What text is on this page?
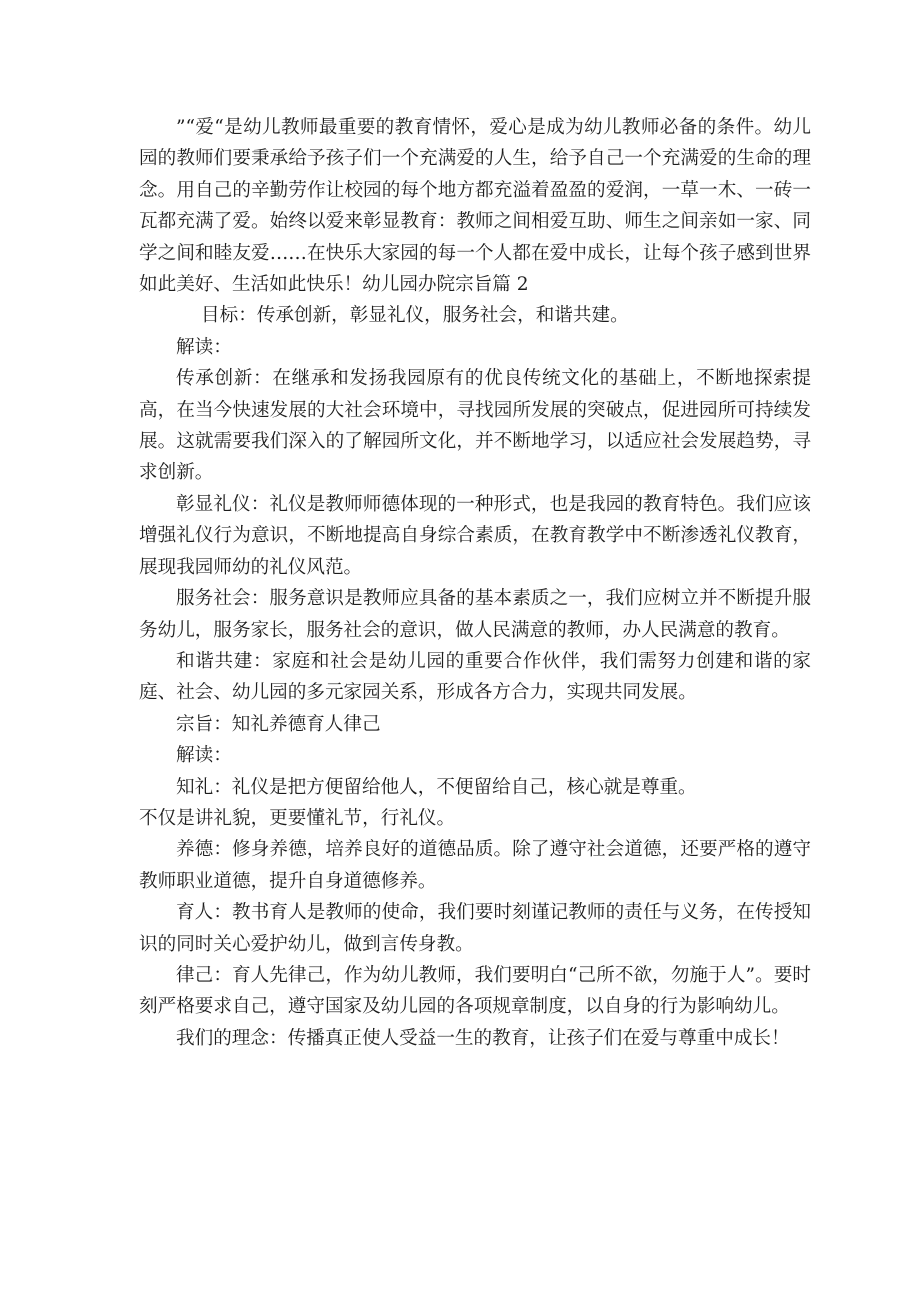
”“爱“是幼儿教师最重要的教育情怀，爱心是成为幼儿教师必备的条件。幼儿园的教师们要秉承给予孩子们一个充满爱的人生，给予自己一个充满爱的生命的理念。用自己的辛勤劳作让校园的每个地方都充溢着盈盈的爱润，一草一木、一砖一瓦都充满了爱。始终以爱来彰显教育：教师之间相爱互助、师生之间亲如一家、同学之间和睦友爱……在快乐大家园的每一个人都在爱中成长，让每个孩子感到世界如此美好、生活如此快乐！幼儿园办院宗旨篇 2

目标：传承创新，彰显礼仪，服务社会，和谐共建。

解读：

传承创新：在继承和发扬我园原有的优良传统文化的基础上，不断地探索提高，在当今快速发展的大社会环境中，寻找园所发展的突破点，促进园所可持续发展。这就需要我们深入的了解园所文化，并不断地学习，以适应社会发展趋势，寻求创新。

彰显礼仪：礼仪是教师师德体现的一种形式，也是我园的教育特色。我们应该增强礼仪行为意识，不断地提高自身综合素质，在教育教学中不断渗透礼仪教育，展现我园师幼的礼仪风范。

服务社会：服务意识是教师应具备的基本素质之一，我们应树立并不断提升服务幼儿，服务家长，服务社会的意识，做人民满意的教师，办人民满意的教育。

和谐共建：家庭和社会是幼儿园的重要合作伙伴，我们需努力创建和谐的家庭、社会、幼儿园的多元家园关系，形成各方合力，实现共同发展。

宗旨：知礼养德育人律己

解读：

知礼：礼仪是把方便留给他人，不便留给自己，核心就是尊重。

不仅是讲礼貌，更要懂礼节，行礼仪。

养德：修身养德，培养良好的道德品质。除了遵守社会道德，还要严格的遵守教师职业道德，提升自身道德修养。

育人：教书育人是教师的使命，我们要时刻谨记教师的责任与义务，在传授知识的同时关心爱护幼儿，做到言传身教。

律己：育人先律己，作为幼儿教师，我们要明白“己所不欲，勿施于人”。要时刻严格要求自己，遵守国家及幼儿园的各项规章制度，以自身的行为影响幼儿。

我们的理念：传播真正使人受益一生的教育，让孩子们在爱与尊重中成长！
